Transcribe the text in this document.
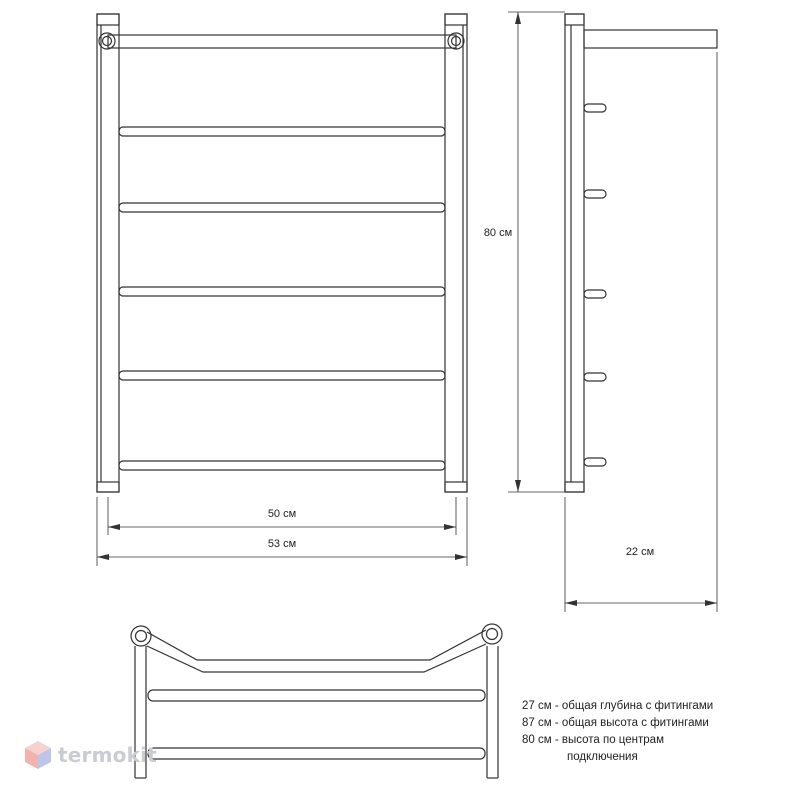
50 см
53 см
80 см
22 см
27 см - общая глубина с фитингами
87 см - общая высота с фитингами
80 см - высота по центрам
подключения
termokit
